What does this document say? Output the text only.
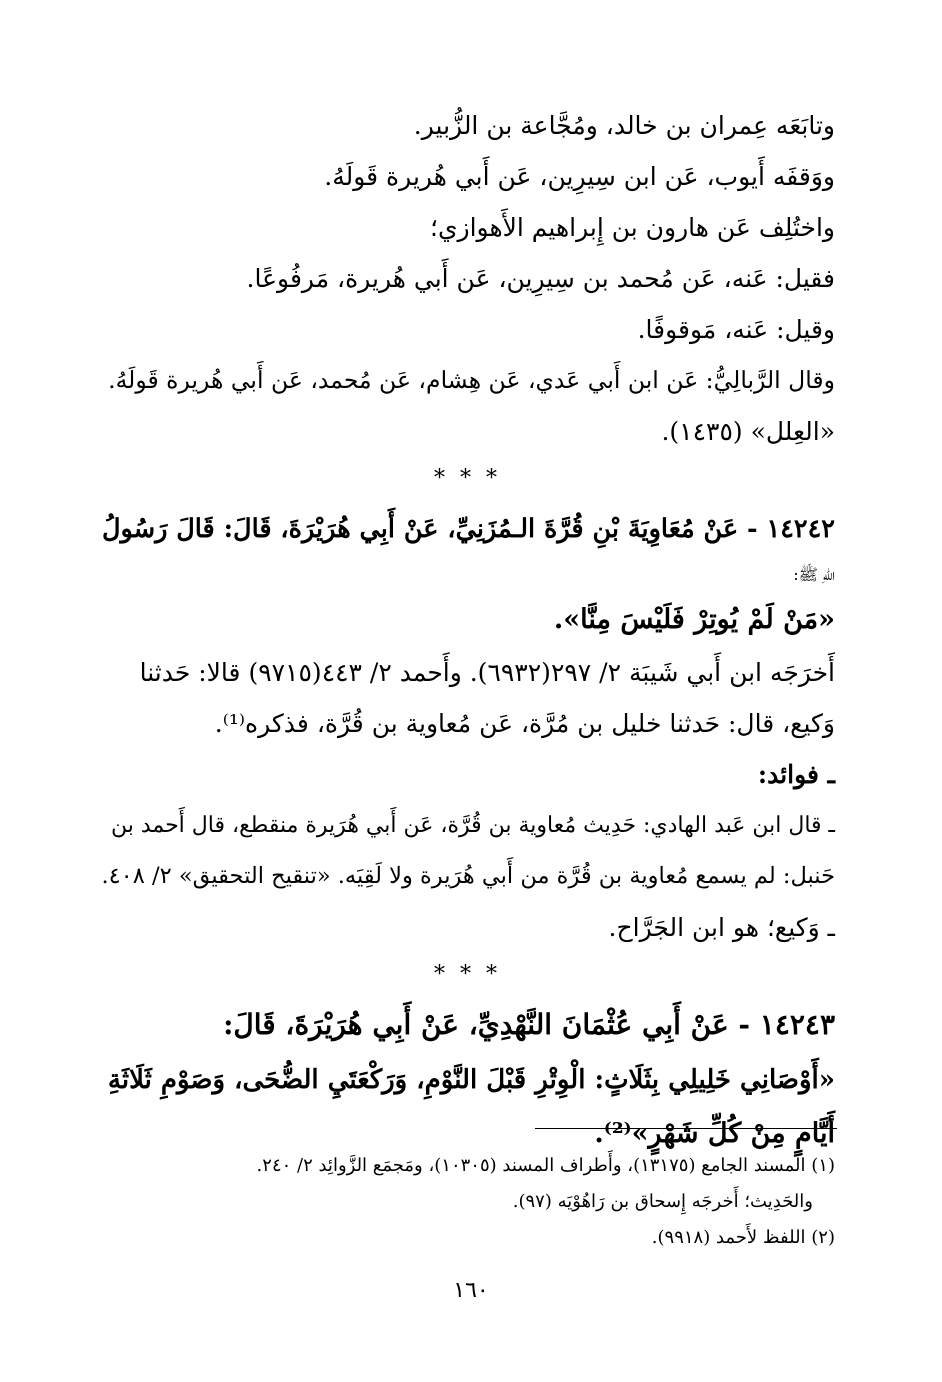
وتابَعَه عِمران بن خالد، ومُجَّاعة بن الزُّبير.
ووَقفَه أَيوب، عَن ابن سِيرِين، عَن أَبي هُريرة قَولَهُ.
واختُلِف عَن هارون بن إِبراهيم الأَهوازي؛
فقيل: عَنه، عَن مُحمد بن سِيرِين، عَن أَبي هُريرة، مَرفُوعًا.
وقيل: عَنه، مَوقوفًا.
وقال الرَّبالِيُّ: عَن ابن أَبي عَدي، عَن هِشام، عَن مُحمد، عَن أَبي هُريرة قَولَهُ.
«العِلل» (١٤٣٥).
* * *
١٤٢٤٢ - عَنْ مُعَاوِيَةَ بْنِ قُرَّةَ الـمُزَنِيِّ، عَنْ أَبِي هُرَيْرَةَ، قَالَ: قَالَ رَسُولُ
اللهِ ﷺ:
«مَنْ لَمْ يُوتِرْ فَلَيْسَ مِنَّا».
أَخرَجَه ابن أَبي شَيبَة ٢/ ٢٩٧(٦٩٣٢). وأَحمد ٢/ ٤٤٣(٩٧١٥) قالا: حَدثنا
وَكيع، قال: حَدثنا خليل بن مُرَّة، عَن مُعاوية بن قُرَّة، فذكره⁽¹⁾.
ـ فوائد:
ـ قال ابن عَبد الهادي: حَدِيث مُعاوية بن قُرَّة، عَن أَبي هُرَيرة منقطع، قال أَحمد بن
حَنبل: لم يسمع مُعاوية بن قُرَّة من أَبي هُرَيرة ولا لَقِيَه. «تنقيح التحقيق» ٢/ ٤٠٨.
ـ وَكيع؛ هو ابن الجَرَّاح.
* * *
١٤٢٤٣ - عَنْ أَبِي عُثْمَانَ النَّهْدِيِّ، عَنْ أَبِي هُرَيْرَةَ، قَالَ:
«أَوْصَانِي خَلِيلِي بِثَلَاثٍ: الْوِتْرِ قَبْلَ النَّوْمِ، وَرَكْعَتَيِ الضُّحَى، وَصَوْمِ ثَلَاثَةِ
أَيَّامٍ مِنْ كُلِّ شَهْرٍ»⁽²⁾.
(١) المسند الجامع (١٣١٧٥)، وأَطراف المسند (١٠٣٠٥)، ومَجمَع الزَّوائِد ٢/ ٢٤٠.
والحَدِيث؛ أَخرجَه إِسحاق بن رَاهُوْيَه (٩٧).
(٢) اللفظ لأَحمد (٩٩١٨).
١٦٠
